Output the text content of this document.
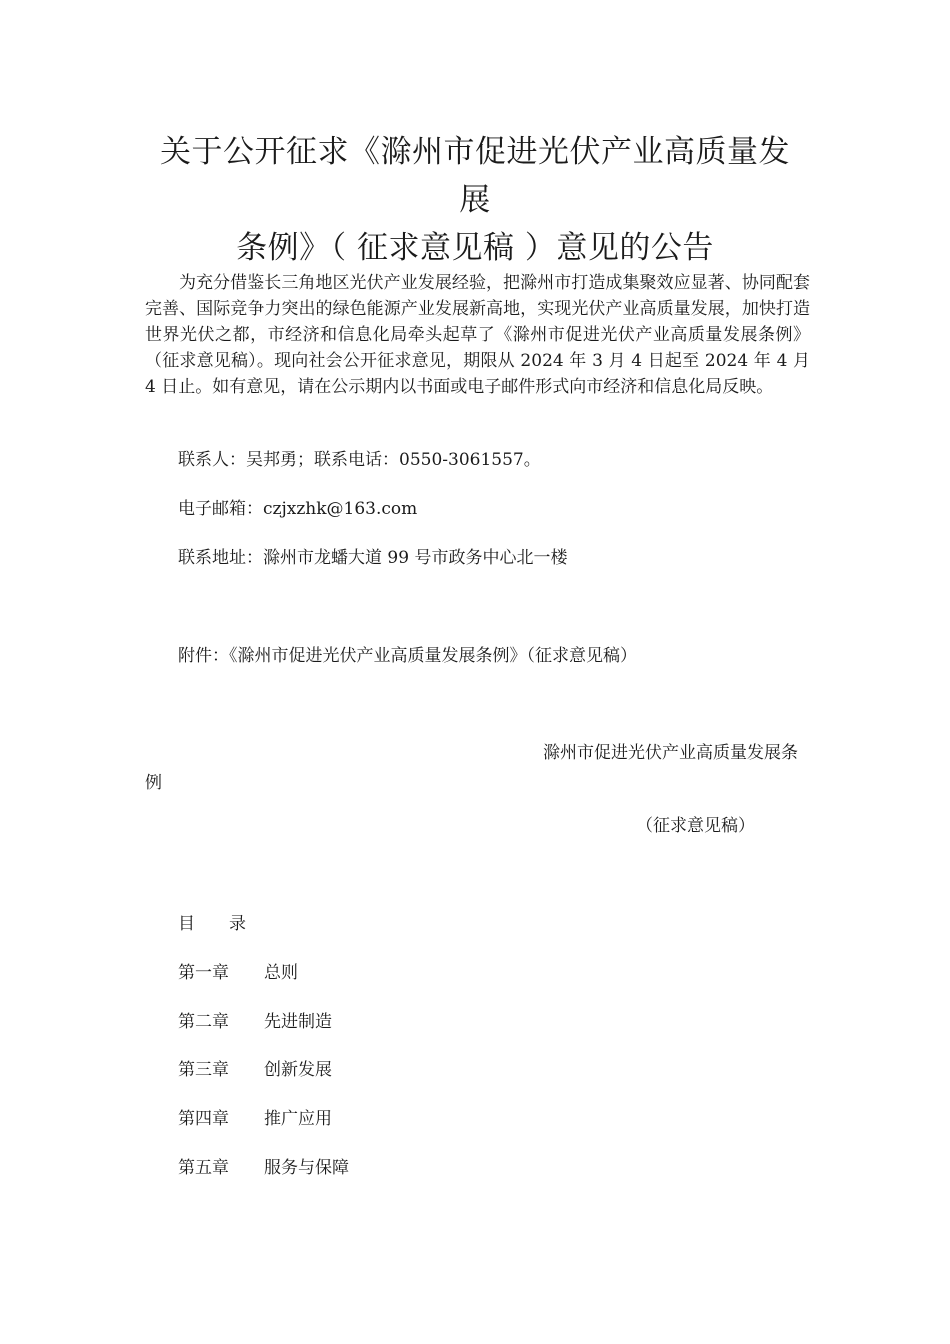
关于公开征求《滁州市促进光伏产业高质量发展
条例》（ 征求意见稿 ）意见的公告

为充分借鉴长三角地区光伏产业发展经验，把滁州市打造成集聚效应显著、协同配套完善、国际竞争力突出的绿色能源产业发展新高地，实现光伏产业高质量发展，加快打造世界光伏之都，市经济和信息化局牵头起草了《滁州市促进光伏产业高质量发展条例》（征求意见稿）。现向社会公开征求意见，期限从 2024 年 3 月 4 日起至 2024 年 4 月 4 日止。如有意见，请在公示期内以书面或电子邮件形式向市经济和信息化局反映。

联系人：吴邦勇；联系电话：0550-3061557。
电子邮箱：czjxzhk@163.com
联系地址：滁州市龙蟠大道 99 号市政务中心北一楼
附件：《滁州市促进光伏产业高质量发展条例》（征求意见稿）

滁州市促进光伏产业高质量发展条例

（征求意见稿）
目　　录
第一章 总则
第二章 先进制造
第三章 创新发展
第四章 推广应用
第五章 服务与保障
